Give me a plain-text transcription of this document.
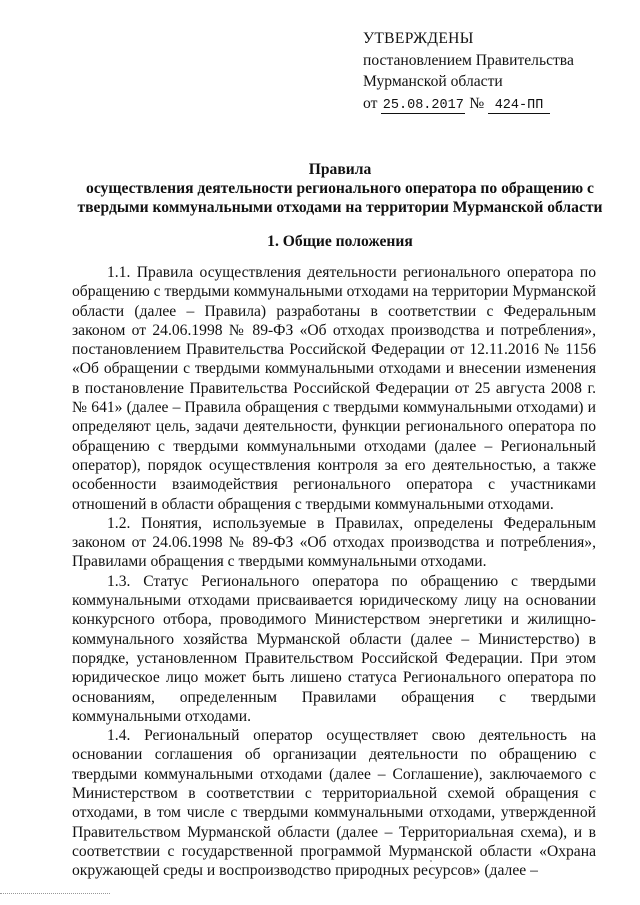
УТВЕРЖДЕНЫ
постановлением Правительства
Мурманской области
от 25.08.2017 № 424-ПП
Правила
осуществления деятельности регионального оператора по обращению с
твердыми коммунальными отходами на территории Мурманской области
1. Общие положения

1.1. Правила осуществления деятельности регионального оператора по обращению с твердыми коммунальными отходами на территории Мурманской области (далее – Правила) разработаны в соответствии с Федеральным законом от 24.06.1998 № 89-ФЗ «Об отходах производства и потребления», постановлением Правительства Российской Федерации от 12.11.2016 № 1156 «Об обращении с твердыми коммунальными отходами и внесении изменения в постановление Правительства Российской Федерации от 25 августа 2008 г. № 641» (далее – Правила обращения с твердыми коммунальными отходами) и определяют цель, задачи деятельности, функции регионального оператора по обращению с твердыми коммунальными отходами (далее – Региональный оператор), порядок осуществления контроля за его деятельностью, а также особенности взаимодействия регионального оператора с участниками отношений в области обращения с твердыми коммунальными отходами.

1.2. Понятия, используемые в Правилах, определены Федеральным законом от 24.06.1998 № 89-ФЗ «Об отходах производства и потребления», Правилами обращения с твердыми коммунальными отходами.

1.3. Статус Регионального оператора по обращению с твердыми коммунальными отходами присваивается юридическому лицу на основании конкурсного отбора, проводимого Министерством энергетики и жилищно-коммунального хозяйства Мурманской области (далее – Министерство) в порядке, установленном Правительством Российской Федерации. При этом юридическое лицо может быть лишено статуса Регионального оператора по основаниям, определенным Правилами обращения с твердыми коммунальными отходами.

1.4. Региональный оператор осуществляет свою деятельность на основании соглашения об организации деятельности по обращению с твердыми коммунальными отходами (далее – Соглашение), заключаемого с Министерством в соответствии с территориальной схемой обращения с отходами, в том числе с твердыми коммунальными отходами, утвержденной Правительством Мурманской области (далее – Территориальная схема), и в соответствии с государственной программой Мурманской области «Охрана окружающей среды и воспроизводство природных ресурсов» (далее –
